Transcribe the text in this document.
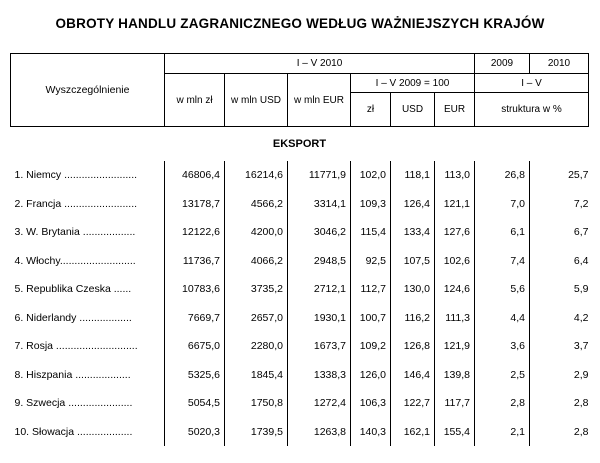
OBROTY HANDLU ZAGRANICZNEGO WEDŁUG WAŻNIEJSZYCH KRAJÓW
Wyszczególnienie	I – V 2010						2009	2010
	w mln zł	w mln USD	w mln EUR	I – V 2009 = 100			I – V	
				zł	USD	EUR	struktura w %	
EKSPORT								
1. Niemcy .........................	46806,4	16214,6	11771,9	102,0	118,1	113,0	26,8	25,7
2. Francja .........................	13178,7	4566,2	3314,1	109,3	126,4	121,1	7,0	7,2
3. W. Brytania ..................	12122,6	4200,0	3046,2	115,4	133,4	127,6	6,1	6,7
4. Włochy..........................	11736,7	4066,2	2948,5	92,5	107,5	102,6	7,4	6,4
5. Republika Czeska ......	10783,6	3735,2	2712,1	112,7	130,0	124,6	5,6	5,9
6. Niderlandy ..................	7669,7	2657,0	1930,1	100,7	116,2	111,3	4,4	4,2
7. Rosja ............................	6675,0	2280,0	1673,7	109,2	126,8	121,9	3,6	3,7
8. Hiszpania ...................	5325,6	1845,4	1338,3	126,0	146,4	139,8	2,5	2,9
9. Szwecja ......................	5054,5	1750,8	1272,4	106,3	122,7	117,7	2,8	2,8
10. Słowacja ...................	5020,3	1739,5	1263,8	140,3	162,1	155,4	2,1	2,8
